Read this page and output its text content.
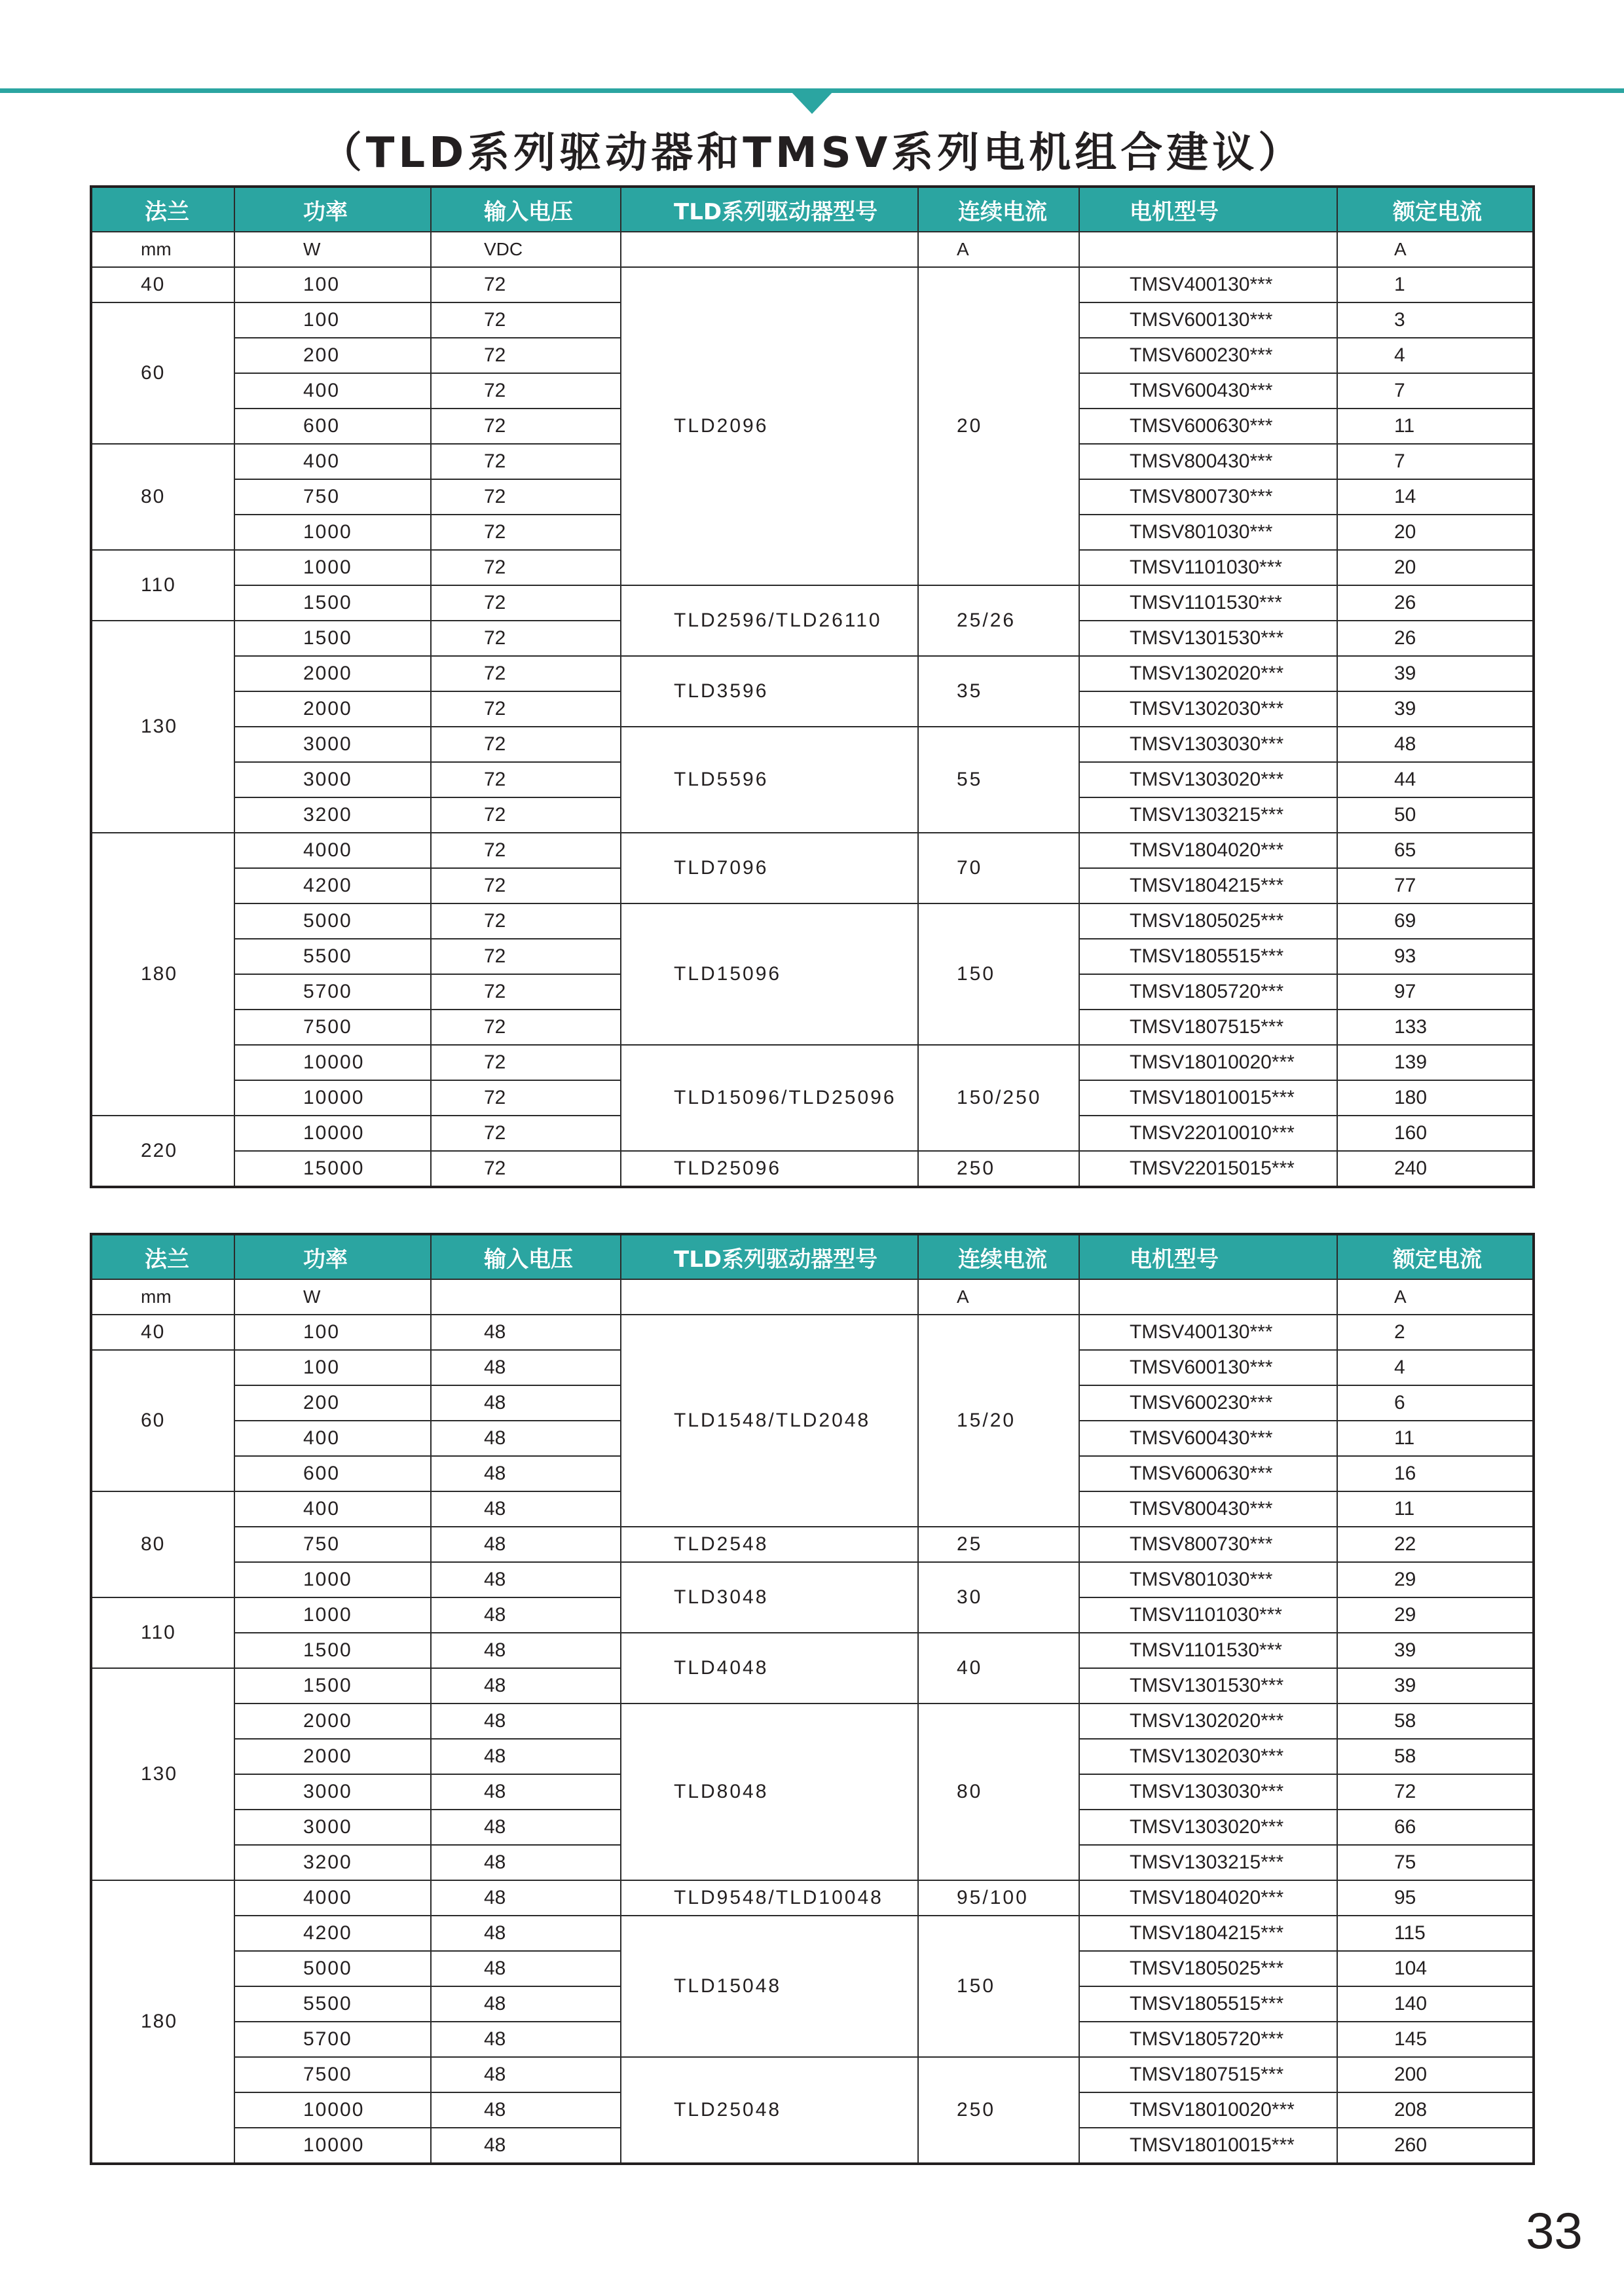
（TLD系列驱动器和TMSV系列电机组合建议）
法兰	功率	输入电压	TLD系列驱动器型号	连续电流	电机型号	额定电流
mm	W	VDC		A		A
40	100	72	TLD2096	20	TMSV400130***	1
60	100	72			TMSV600130***	3
	200	72			TMSV600230***	4
	400	72			TMSV600430***	7
	600	72			TMSV600630***	11
80	400	72			TMSV800430***	7
	750	72			TMSV800730***	14
	1000	72			TMSV801030***	20
110	1000	72			TMSV1101030***	20
	1500	72	TLD2596/TLD26110	25/26	TMSV1101530***	26
130	1500	72			TMSV1301530***	26
	2000	72	TLD3596	35	TMSV1302020***	39
	2000	72			TMSV1302030***	39
	3000	72	TLD5596	55	TMSV1303030***	48
	3000	72			TMSV1303020***	44
	3200	72			TMSV1303215***	50
180	4000	72	TLD7096	70	TMSV1804020***	65
	4200	72			TMSV1804215***	77
	5000	72	TLD15096	150	TMSV1805025***	69
	5500	72			TMSV1805515***	93
	5700	72			TMSV1805720***	97
	7500	72			TMSV1807515***	133
	10000	72	TLD15096/TLD25096	150/250	TMSV18010020***	139
	10000	72			TMSV18010015***	180
220	10000	72			TMSV22010010***	160
	15000	72	TLD25096	250	TMSV22015015***	240
法兰	功率	输入电压	TLD系列驱动器型号	连续电流	电机型号	额定电流
mm	W			A		A
40	100	48	TLD1548/TLD2048	15/20	TMSV400130***	2
60	100	48			TMSV600130***	4
	200	48			TMSV600230***	6
	400	48			TMSV600430***	11
	600	48			TMSV600630***	16
80	400	48			TMSV800430***	11
	750	48	TLD2548	25	TMSV800730***	22
	1000	48	TLD3048	30	TMSV801030***	29
110	1000	48			TMSV1101030***	29
	1500	48	TLD4048	40	TMSV1101530***	39
130	1500	48			TMSV1301530***	39
	2000	48	TLD8048	80	TMSV1302020***	58
	2000	48			TMSV1302030***	58
	3000	48			TMSV1303030***	72
	3000	48			TMSV1303020***	66
	3200	48			TMSV1303215***	75
180	4000	48	TLD9548/TLD10048	95/100	TMSV1804020***	95
	4200	48	TLD15048	150	TMSV1804215***	115
	5000	48			TMSV1805025***	104
	5500	48			TMSV1805515***	140
	5700	48			TMSV1805720***	145
	7500	48	TLD25048	250	TMSV1807515***	200
	10000	48			TMSV18010020***	208
	10000	48			TMSV18010015***	260
33
